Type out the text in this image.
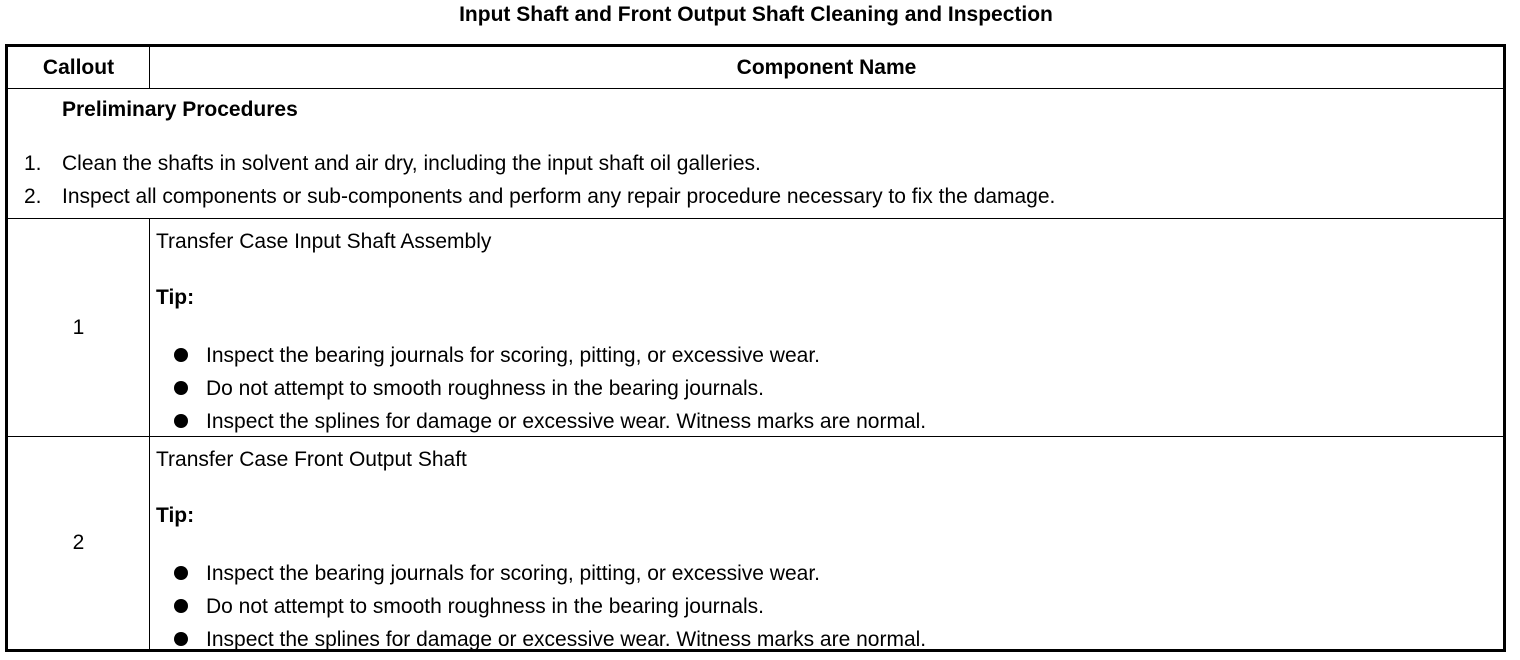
Input Shaft and Front Output Shaft Cleaning and Inspection
Callout	Component Name
Preliminary Procedures
1. Clean the shafts in solvent and air dry, including the input shaft oil galleries.
2. Inspect all components or sub-components and perform any repair procedure necessary to fix the damage.
1
Transfer Case Input Shaft Assembly
Tip:
Inspect the bearing journals for scoring, pitting, or excessive wear.
Do not attempt to smooth roughness in the bearing journals.
Inspect the splines for damage or excessive wear. Witness marks are normal.
2
Transfer Case Front Output Shaft
Tip:
Inspect the bearing journals for scoring, pitting, or excessive wear.
Do not attempt to smooth roughness in the bearing journals.
Inspect the splines for damage or excessive wear. Witness marks are normal.
